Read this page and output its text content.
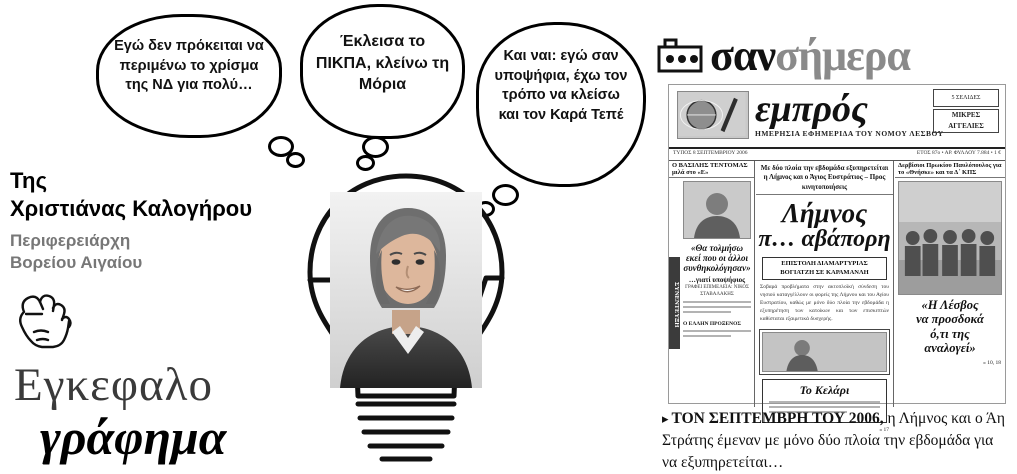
Εγώ δεν πρόκειται να περιμένω το χρίσμα της ΝΔ για πολύ…
Έκλεισα το ΠΙΚΠΑ, κλείνω τη Μόρια
Και ναι: εγώ σαν υποψήφια, έχω τον τρόπο να κλείσω και τον Καρά Τεπέ
Της
Χριστιάνας Καλογήρου
Περιφερειάρχη
Βορείου Αιγαίου
Εγκεφαλο
γράφημα
σαν σήμερα
εμπρός
ΗΜΕΡΗΣΙΑ ΕΦΗΜΕΡΙΔΑ ΤΟΥ ΝΟΜΟΥ ΛΕΣΒΟΥ
5 ΣΕΛΙΔΕΣ
ΜΙΚΡΕΣ ΑΓΓΕΛΙΕΣ
ΤΥΠΟΣ 8 ΣΕΠΤΕΜΒΡΙΟΥ 2006	ΕΤΟΣ 87ο • ΑΡ. ΦΥΛΛΟΥ 7.884 • 1 €
Ο ΒΑΣΙΛΗΣ ΤΕΝΤΟΜΑΣ μιλά στο «Ε»
ΣΥΝΕΝΤΕΥΞΗ
«Θα τολμήσω εκεί που οι άλλοι συνθηκολόγησαν»
…γιατί υποψήφιος
ΓΡΑΦΕΙ ΕΠΙΜΕΛΕΙΑ: ΝΙΚΟΣ ΣΤΑΒΑΛΑΚΗΣ
Ο ΕΛΛΗΝ ΠΡΟΞΕΝΟΣ
Με δύο πλοία την εβδομάδα εξυπηρετείται η Λήμνος και ο Άγιος Ευστράτιος – Προς κινητοποιήσεις
Λήμνος
π… αβάπορη
ΕΠΙΣΤΟΛΗ ΔΙΑΜΑΡΤΥΡΙΑΣ ΒΟΓΙΑΤΖΗ ΣΕ ΚΑΡΑΜΑΝΛΗ
Σοβαρά προβλήματα στην ακτοπλοϊκή σύνδεση του νησιού καταγγέλλουν οι φορείς της Λήμνου και του Αγίου Ευστρατίου, καθώς με μόνο δύο πλοία την εβδομάδα η εξυπηρέτηση των κατοίκων και των επισκεπτών καθίσταται εξαιρετικά δυσχερής.
Το Κελάρι
» 17
Δερβίσιοι Πρωκίου Παυλόπουλος για το «Θνήσκε» και τα Δ΄ ΚΠΣ
«Η Λέσβος
να προσδοκά
ό,τι της
αναλογεί»
» 10, 18
▸ ΤΟΝ ΣΕΠΤΕΜΒΡΗ ΤΟΥ 2006, η Λήμνος και ο Άη Στράτης έμεναν με μόνο δύο πλοία την εβδομάδα για να εξυπηρετείται…
